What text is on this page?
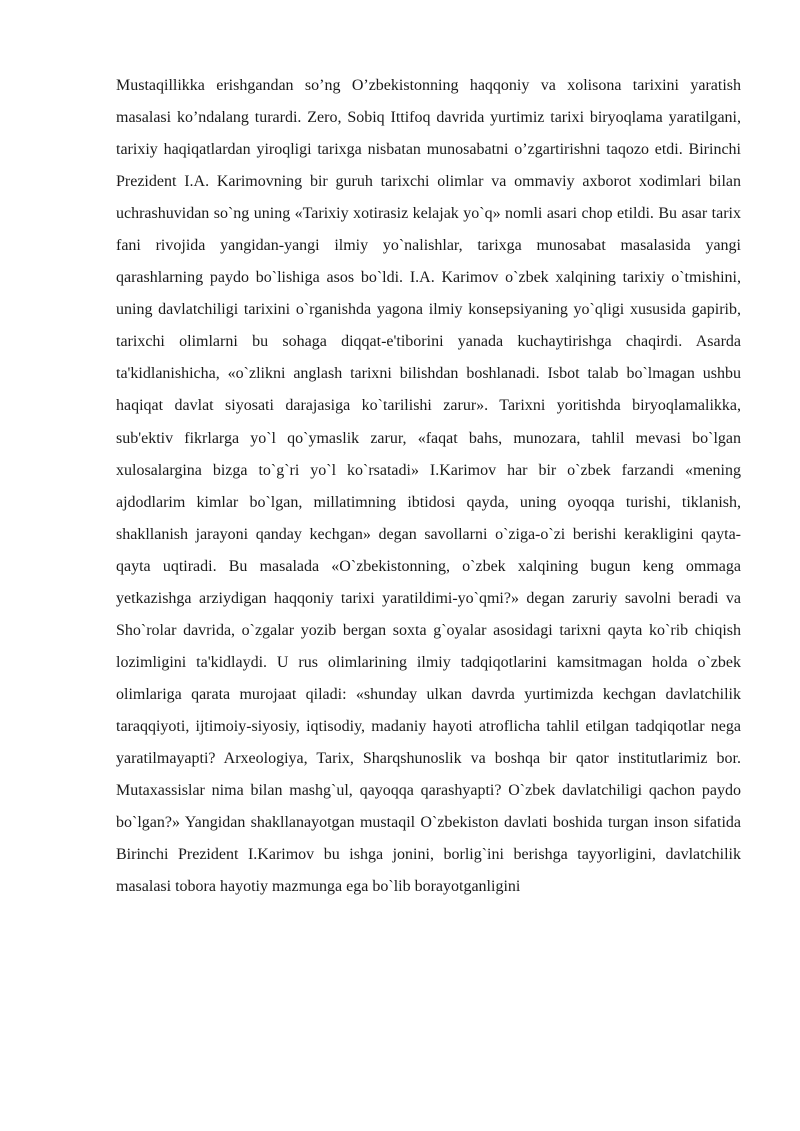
Mustaqillikka erishgandan so’ng O’zbekistonning haqqoniy va xolisona tarixini yaratish masalasi ko’ndalang turardi. Zero, Sobiq Ittifoq davrida yurtimiz tarixi biryoqlama yaratilgani, tarixiy haqiqatlardan yiroqligi tarixga nisbatan munosabatni o’zgartirishni taqozo etdi. Birinchi Prezident I.A. Karimovning bir guruh tarixchi olimlar va ommaviy axborot xodimlari bilan uchrashuvidan so`ng uning «Tarixiy xotirasiz kelajak yo`q» nomli asari chop etildi. Bu asar tarix fani rivojida yangidan-yangi ilmiy yo`nalishlar, tarixga munosabat masalasida yangi qarashlarning paydo bo`lishiga asos bo`ldi. I.A. Karimov o`zbek xalqining tarixiy o`tmishini, uning davlatchiligi tarixini o`rganishda yagona ilmiy konsepsiyaning yo`qligi xususida gapirib, tarixchi olimlarni bu sohaga diqqat-e'tiborini yanada kuchaytirishga chaqirdi. Asarda ta'kidlanishicha, «o`zlikni anglash tarixni bilishdan boshlanadi. Isbot talab bo`lmagan ushbu haqiqat davlat siyosati darajasiga ko`tarilishi zarur». Tarixni yoritishda biryoqlamalikka, sub'ektiv fikrlarga yo`l qo`ymaslik zarur, «faqat bahs, munozara, tahlil mevasi bo`lgan xulosalargina bizga to`g`ri yo`l ko`rsatadi» I.Karimov har bir o`zbek farzandi «mening ajdodlarim kimlar bo`lgan, millatimning ibtidosi qayda, uning oyoqqa turishi, tiklanish, shakllanish jarayoni qanday kechgan» degan savollarni o`ziga-o`zi berishi kerakligini qayta-qayta uqtiradi. Bu masalada «O`zbekistonning, o`zbek xalqining bugun keng ommaga yetkazishga arziydigan haqqoniy tarixi yaratildimi-yo`qmi?» degan zaruriy savolni beradi va Sho`rolar davrida, o`zgalar yozib bergan soxta g`oyalar asosidagi tarixni qayta ko`rib chiqish lozimligini ta'kidlaydi. U rus olimlarining ilmiy tadqiqotlarini kamsitmagan holda o`zbek olimlariga qarata murojaat qiladi: «shunday ulkan davrda yurtimizda kechgan davlatchilik taraqqiyoti, ijtimoiy-siyosiy, iqtisodiy, madaniy hayoti atroflicha tahlil etilgan tadqiqotlar nega yaratilmayapti? Arxeologiya, Tarix, Sharqshunoslik va boshqa bir qator institutlarimiz bor. Mutaxassislar nima bilan mashg`ul, qayoqqa qarashyapti? O`zbek davlatchiligi qachon paydo bo`lgan?» Yangidan shakllanayotgan mustaqil O`zbekiston davlati boshida turgan inson sifatida Birinchi Prezident I.Karimov bu ishga jonini, borlig`ini berishga tayyorligini, davlatchilik masalasi tobora hayotiy mazmunga ega bo`lib borayotganligini
